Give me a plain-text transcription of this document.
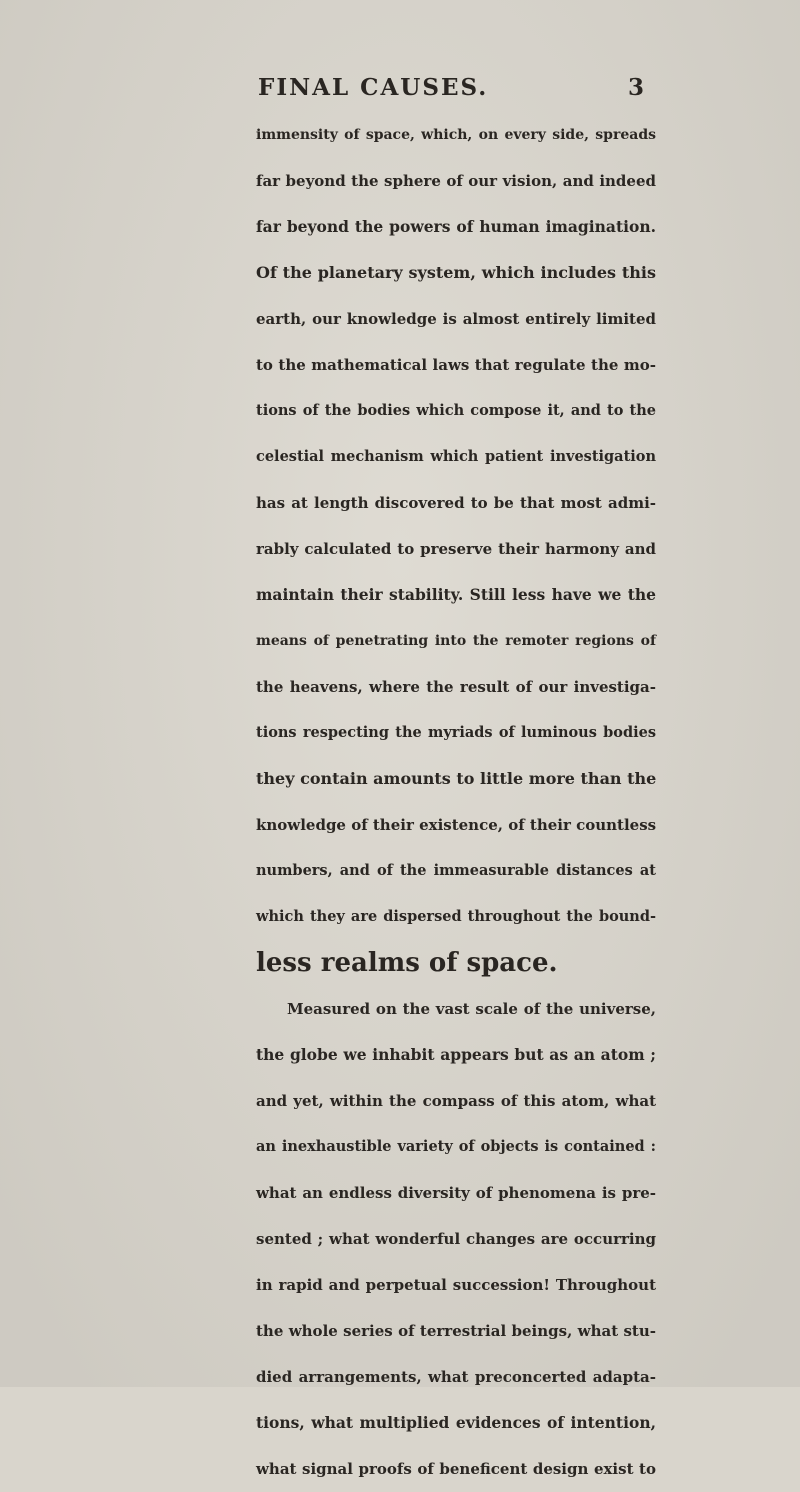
FINAL CAUSES.	3
immensity of space, which, on every side, spreads
far beyond the sphere of our vision, and indeed
far beyond the powers of human imagination.
Of the planetary system, which includes this
earth, our knowledge is almost entirely limited
to the mathematical laws that regulate the mo-
tions of the bodies which compose it, and to the
celestial mechanism which patient investigation
has at length discovered to be that most admi-
rably calculated to preserve their harmony and
maintain their stability. Still less have we the
means of penetrating into the remoter regions of
the heavens, where the result of our investiga-
tions respecting the myriads of luminous bodies
they contain amounts to little more than the
knowledge of their existence, of their countless
numbers, and of the immeasurable distances at
which they are dispersed throughout the bound-
less realms of space.
Measured on the vast scale of the universe,
the globe we inhabit appears but as an atom ;
and yet, within the compass of this atom, what
an inexhaustible variety of objects is contained :
what an endless diversity of phenomena is pre-
sented ; what wonderful changes are occurring
in rapid and perpetual succession! Throughout
the whole series of terrestrial beings, what stu-
died arrangements, what preconcerted adapta-
tions, what multiplied evidences of intention,
what signal proofs of beneficent design exist to
